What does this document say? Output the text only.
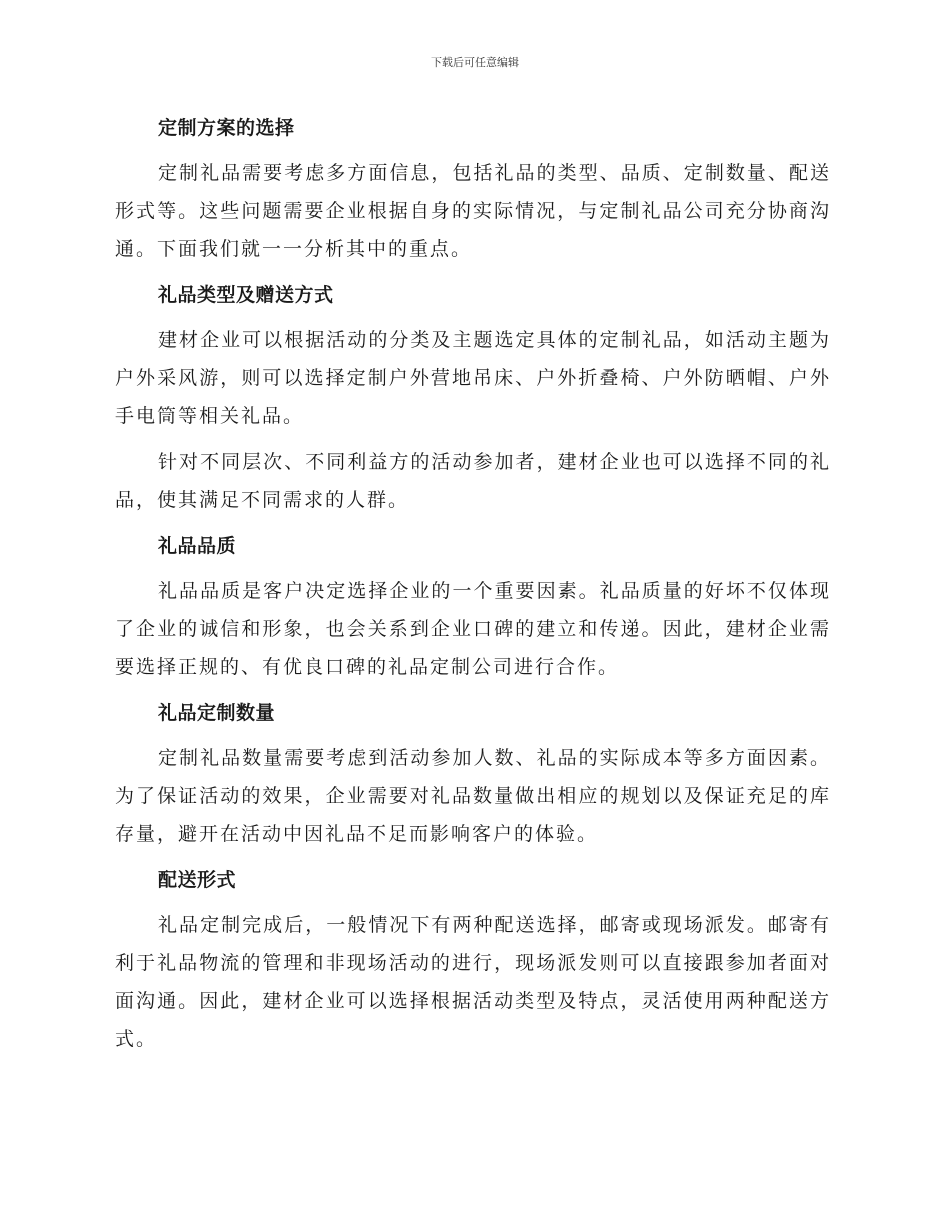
下载后可任意编辑
定制方案的选择

定制礼品需要考虑多方面信息，包括礼品的类型、品质、定制数量、配送形式等。这些问题需要企业根据自身的实际情况，与定制礼品公司充分协商沟通。下面我们就一一分析其中的重点。

礼品类型及赠送方式

建材企业可以根据活动的分类及主题选定具体的定制礼品，如活动主题为户外采风游，则可以选择定制户外营地吊床、户外折叠椅、户外防晒帽、户外手电筒等相关礼品。

针对不同层次、不同利益方的活动参加者，建材企业也可以选择不同的礼品，使其满足不同需求的人群。

礼品品质

礼品品质是客户决定选择企业的一个重要因素。礼品质量的好坏不仅体现了企业的诚信和形象，也会关系到企业口碑的建立和传递。因此，建材企业需要选择正规的、有优良口碑的礼品定制公司进行合作。

礼品定制数量

定制礼品数量需要考虑到活动参加人数、礼品的实际成本等多方面因素。为了保证活动的效果，企业需要对礼品数量做出相应的规划以及保证充足的库存量，避开在活动中因礼品不足而影响客户的体验。

配送形式

礼品定制完成后，一般情况下有两种配送选择，邮寄或现场派发。邮寄有利于礼品物流的管理和非现场活动的进行，现场派发则可以直接跟参加者面对面沟通。因此，建材企业可以选择根据活动类型及特点，灵活使用两种配送方式。
